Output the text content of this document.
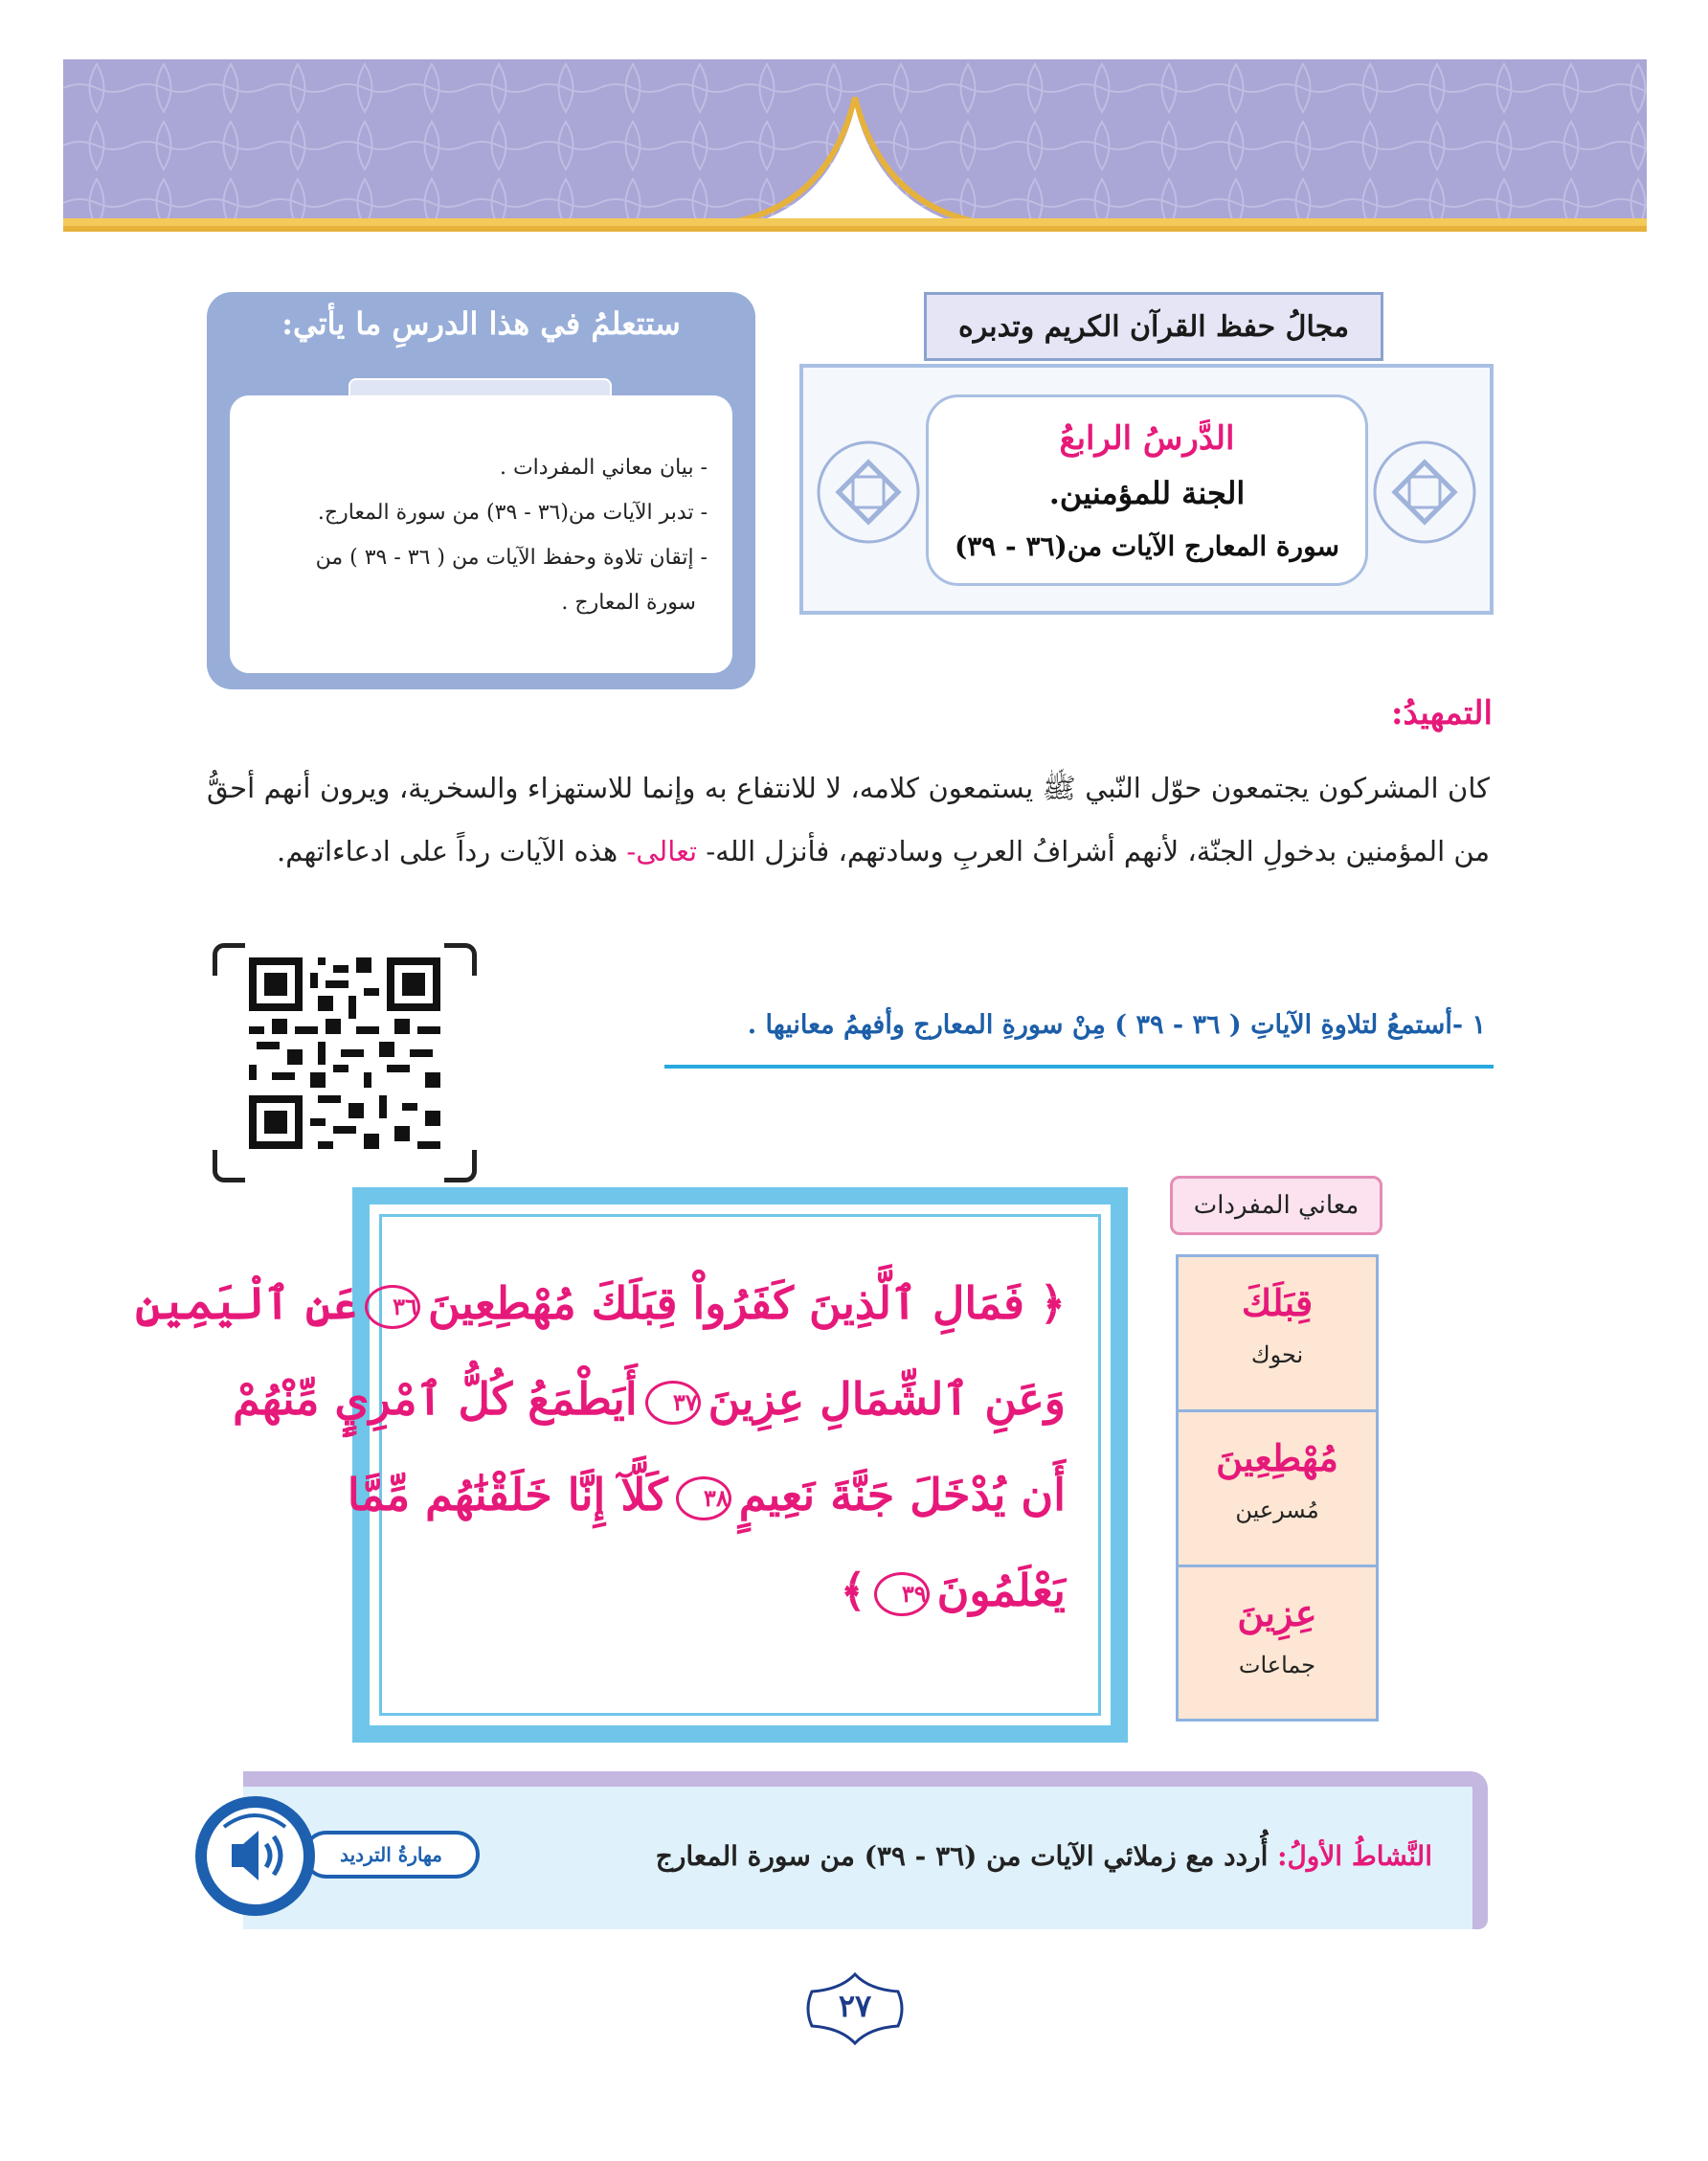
ستتعلمُ في هذا الدرسِ ما يأتي:
- بيان معاني المفردات .
- تدبر الآيات من(٣٦ - ٣٩) من سورة المعارج.
- إتقان تلاوة وحفظ الآيات من ( ٣٦ - ٣٩ ) من
سورة المعارج .
مجالُ حفظ القرآن الكريم وتدبره
الدَّرسُ الرابعُ
الجنة للمؤمنين.
سورة المعارج الآيات من(٣٦ - ٣٩)
التمهيدُ:
كان المشركون يجتمعون حوّل النّبي ﷺ يستمعون كلامه، لا للانتفاع به وإنما للاستهزاء والسخرية، ويرون أنهم أحقُّ من المؤمنين بدخولِ الجنّة، لأنهم أشرافُ العربِ وسادتهم، فأنزل الله- تعالى- هذه الآيات رداً على ادعاءاتهم.
١ -أستمعُ لتلاوةِ الآياتِ ( ٣٦ - ٣٩ ) مِنْ سورةِ المعارج وأفهمُ معانيها .
معاني المفردات
قِبَلَكَ
نحوك
مُهْطِعِينَ
مُسرعين
عِزِينَ
جماعات
﴿ فَمَالِ ٱلَّذِينَ كَفَرُواْ قِبَلَكَ مُهْطِعِينَ٣٦عَنِ ٱلْيَمِينِ
وَعَنِ ٱلشِّمَالِ عِزِينَ٣٧أَيَطْمَعُ كُلُّ ٱمْرِيٍٕ مِّنْهُمْ
أَن يُدْخَلَ جَنَّةَ نَعِيمٍ٣٨كَلَّآ إِنَّا خَلَقْنَٰهُم مِّمَّا
يَعْلَمُونَ٣٩﴾
النَّشاطُ الأولُ: أُردد مع زملائي الآيات من (٣٦ - ٣٩) من سورة المعارج
مهارةُ الترديد
٢٧
